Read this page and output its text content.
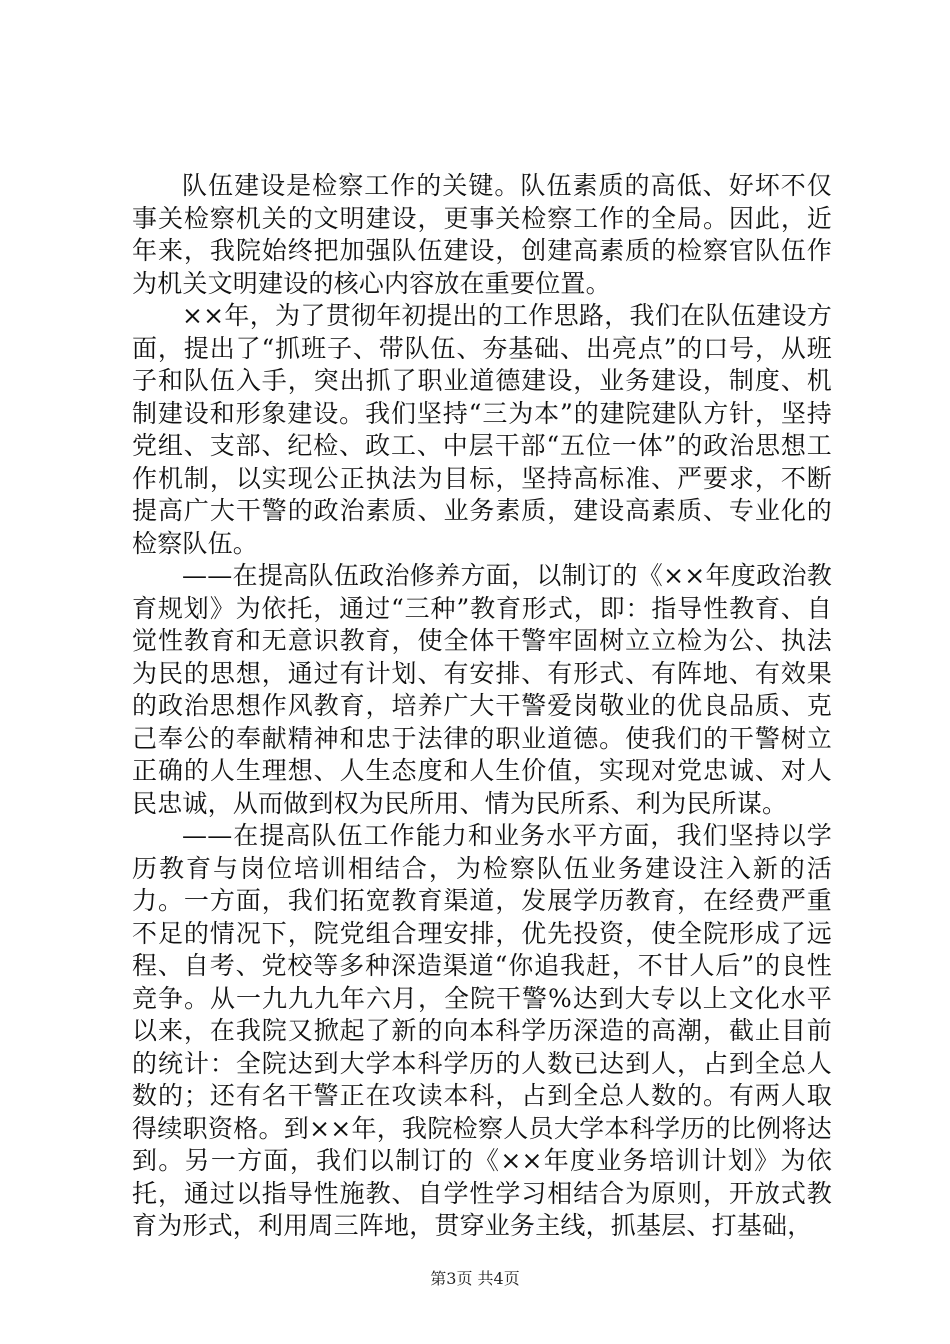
队伍建设是检察工作的关键。队伍素质的高低、好坏不仅事关检察机关的文明建设，更事关检察工作的全局。因此，近年来，我院始终把加强队伍建设，创建高素质的检察官队伍作为机关文明建设的核心内容放在重要位置。

××年，为了贯彻年初提出的工作思路，我们在队伍建设方面，提出了“抓班子、带队伍、夯基础、出亮点”的口号，从班子和队伍入手，突出抓了职业道德建设，业务建设，制度、机制建设和形象建设。我们坚持“三为本”的建院建队方针，坚持党组、支部、纪检、政工、中层干部“五位一体”的政治思想工作机制，以实现公正执法为目标，坚持高标准、严要求，不断提高广大干警的政治素质、业务素质，建设高素质、专业化的检察队伍。

——在提高队伍政治修养方面，以制订的《××年度政治教育规划》为依托，通过“三种”教育形式，即：指导性教育、自觉性教育和无意识教育，使全体干警牢固树立立检为公、执法为民的思想，通过有计划、有安排、有形式、有阵地、有效果的政治思想作风教育，培养广大干警爱岗敬业的优良品质、克己奉公的奉献精神和忠于法律的职业道德。使我们的干警树立正确的人生理想、人生态度和人生价值，实现对党忠诚、对人民忠诚，从而做到权为民所用、情为民所系、利为民所谋。

——在提高队伍工作能力和业务水平方面，我们坚持以学历教育与岗位培训相结合，为检察队伍业务建设注入新的活力。一方面，我们拓宽教育渠道，发展学历教育，在经费严重不足的情况下，院党组合理安排，优先投资，使全院形成了远程、自考、党校等多种深造渠道“你追我赶，不甘人后”的良性竞争。从一九九九年六月，全院干警%达到大专以上文化水平以来，在我院又掀起了新的向本科学历深造的高潮，截止目前的统计：全院达到大学本科学历的人数已达到人，占到全总人数的；还有名干警正在攻读本科，占到全总人数的。有两人取得续职资格。到××年，我院检察人员大学本科学历的比例将达到。另一方面，我们以制订的《××年度业务培训计划》为依托，通过以指导性施教、自学性学习相结合为原则，开放式教育为形式，利用周三阵地，贯穿业务主线，抓基层、打基础，

第3页 共4页
